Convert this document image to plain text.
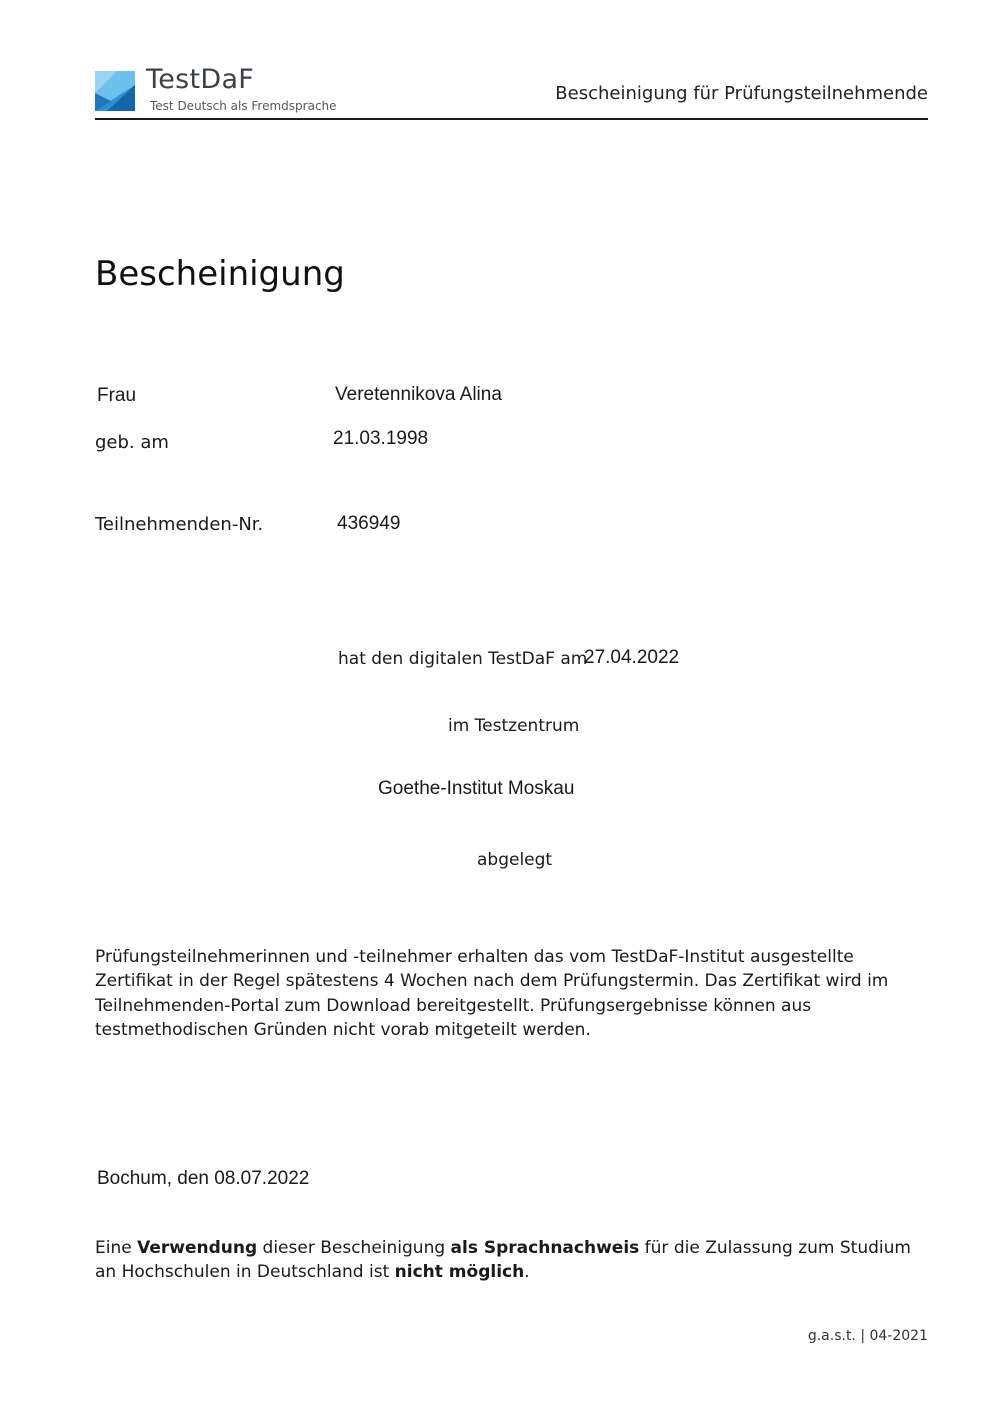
TestDaF
Test Deutsch als Fremdsprache
Bescheinigung für Prüfungsteilnehmende
Bescheinigung
Frau	Veretennikova Alina
geb. am	21.03.1998
Teilnehmenden-Nr.	436949
hat den digitalen TestDaF am
27.04.2022
im Testzentrum
Goethe-Institut Moskau
abgelegt
Prüfungsteilnehmerinnen und -teilnehmer erhalten das vom TestDaF-Institut ausgestellte Zertifikat in der Regel spätestens 4 Wochen nach dem Prüfungstermin. Das Zertifikat wird im Teilnehmenden-Portal zum Download bereitgestellt. Prüfungsergebnisse können aus testmethodischen Gründen nicht vorab mitgeteilt werden.
Bochum, den 08.07.2022
Eine Verwendung dieser Bescheinigung als Sprachnachweis für die Zulassung zum Studium an Hochschulen in Deutschland ist nicht möglich.
g.a.s.t. | 04-2021
